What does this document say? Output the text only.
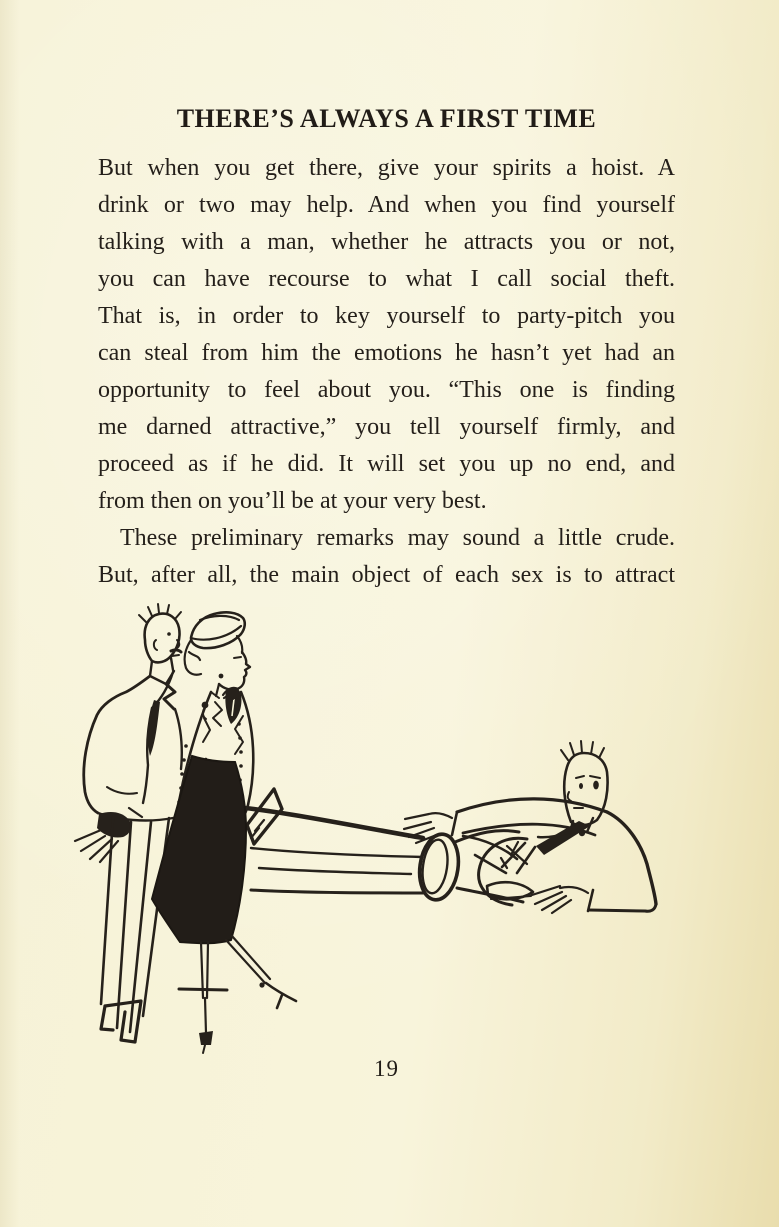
THERE’S ALWAYS A FIRST TIME
But when you get there, give your spirits a hoist. A
drink or two may help. And when you find yourself
talking with a man, whether he attracts you or not,
you can have recourse to what I call social theft.
That is, in order to key yourself to party-pitch you
can steal from him the emotions he hasn’t yet had an
opportunity to feel about you. “This one is finding
me darned attractive,” you tell yourself firmly, and
proceed as if he did. It will set you up no end, and
from then on you’ll be at your very best.
These preliminary remarks may sound a little crude.
But, after all, the main object of each sex is to attract
19
